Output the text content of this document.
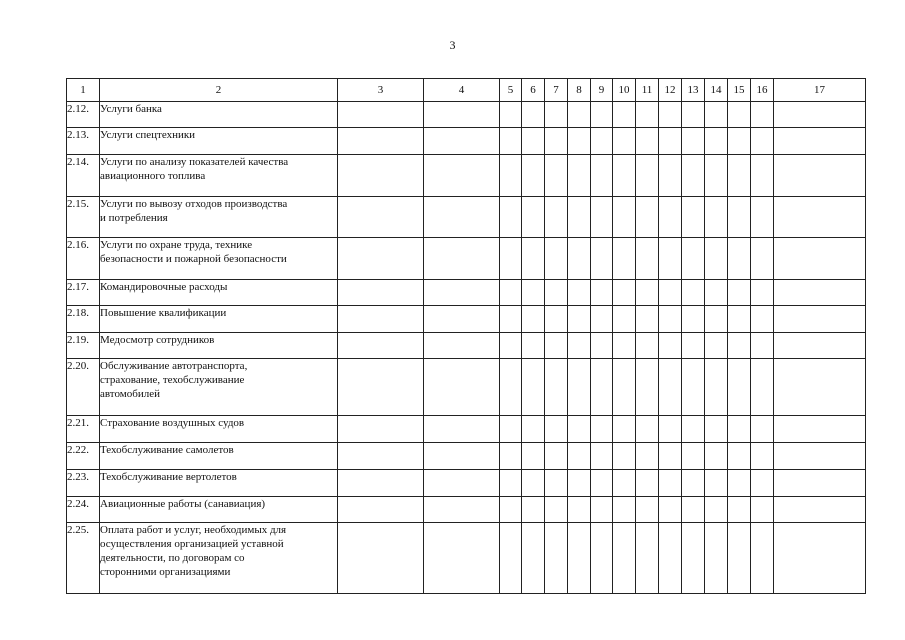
3
1	2	3	4	5	6	7	8	9	10	11	12	13	14	15	16	17
2.12.	Услуги банка															

2.13.	Услуги спецтехники															

2.14.	Услуги по анализу показателей качества
авиационного топлива															

2.15.	Услуги по вывозу отходов производства
и потребления															

2.16.	Услуги по охране труда, технике
безопасности и пожарной безопасности															

2.17.	Командировочные расходы															

2.18.	Повышение квалификации															

2.19.	Медосмотр сотрудников															

2.20.	Обслуживание автотранспорта,
страхование, техобслуживание
автомобилей															

2.21.	Страхование воздушных судов															

2.22.	Техобслуживание самолетов															

2.23.	Техобслуживание вертолетов															

2.24.	Авиационные работы (санавиация)															

2.25.	Оплата работ и услуг, необходимых для
осуществления организацией уставной
деятельности, по договорам со
сторонними организациями															
